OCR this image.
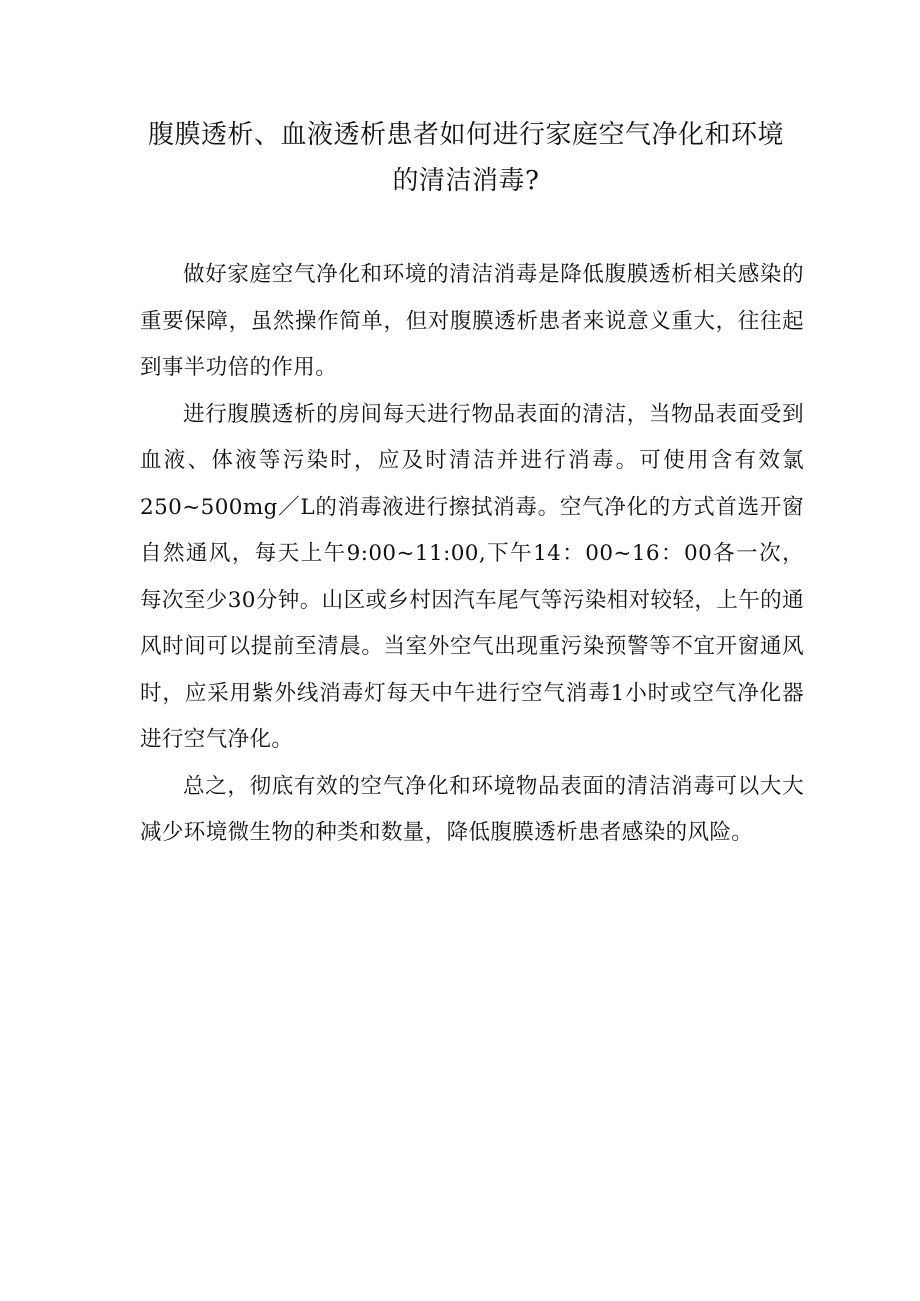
腹膜透析、血液透析患者如何进行家庭空气净化和环境
的清洁消毒?

做好家庭空气净化和环境的清洁消毒是降低腹膜透析相关感染的重要保障，虽然操作简单，但对腹膜透析患者来说意义重大，往往起到事半功倍的作用。

进行腹膜透析的房间每天进行物品表面的清洁，当物品表面受到血液、体液等污染时，应及时清洁并进行消毒。可使用含有效氯250~500mg／L的消毒液进行擦拭消毒。空气净化的方式首选开窗自然通风，每天上午9:00~11:00,下午14：00~16：00各一次，每次至少30分钟。山区或乡村因汽车尾气等污染相对较轻，上午的通风时间可以提前至清晨。当室外空气出现重污染预警等不宜开窗通风时，应采用紫外线消毒灯每天中午进行空气消毒1小时或空气净化器进行空气净化。

总之，彻底有效的空气净化和环境物品表面的清洁消毒可以大大减少环境微生物的种类和数量，降低腹膜透析患者感染的风险。
